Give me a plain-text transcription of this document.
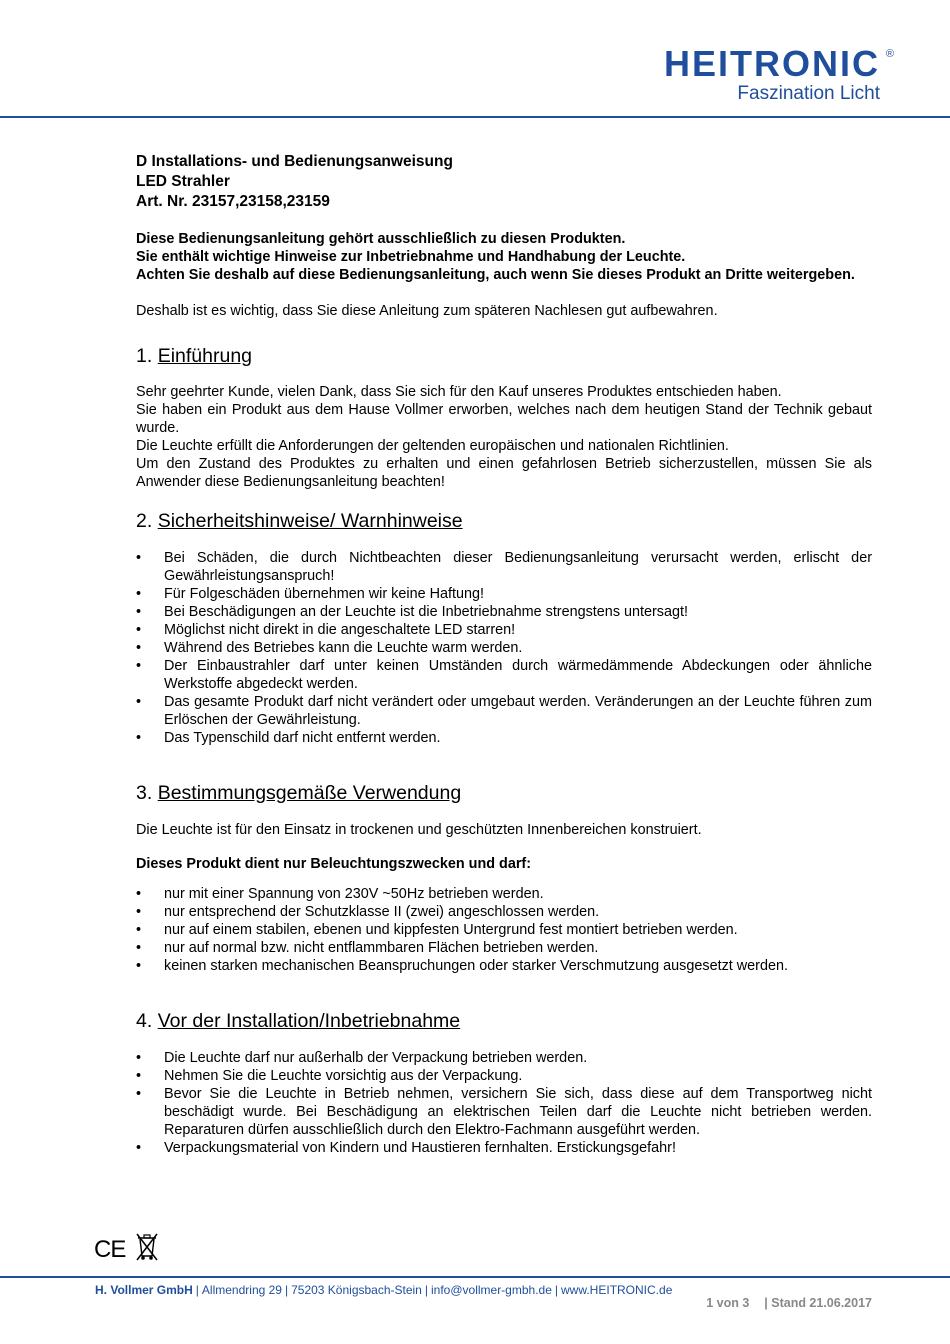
HEITRONIC ®
Faszination Licht
D Installations- und Bedienungsanweisung
LED Strahler
Art. Nr. 23157,23158,23159

Diese Bedienungsanleitung gehört ausschließlich zu diesen Produkten.

Sie enthält wichtige Hinweise zur Inbetriebnahme und Handhabung der Leuchte.

Achten Sie deshalb auf diese Bedienungsanleitung, auch wenn Sie dieses Produkt an Dritte weitergeben.

Deshalb ist es wichtig, dass Sie diese Anleitung zum späteren Nachlesen gut aufbewahren.

1. Einführung

Sehr geehrter Kunde, vielen Dank, dass Sie sich für den Kauf unseres Produktes entschieden haben.

Sie haben ein Produkt aus dem Hause Vollmer erworben, welches nach dem heutigen Stand der Technik gebaut wurde.

Die Leuchte erfüllt die Anforderungen der geltenden europäischen und nationalen Richtlinien.

Um den Zustand des Produktes zu erhalten und einen gefahrlosen Betrieb sicherzustellen, müssen Sie als Anwender diese Bedienungsanleitung beachten!

2. Sicherheitshinweise/ Warnhinweise
• Bei Schäden, die durch Nichtbeachten dieser Bedienungsanleitung verursacht werden, erlischt der Gewährleistungsanspruch!
• Für Folgeschäden übernehmen wir keine Haftung!
• Bei Beschädigungen an der Leuchte ist die Inbetriebnahme strengstens untersagt!
• Möglichst nicht direkt in die angeschaltete LED starren!
• Während des Betriebes kann die Leuchte warm werden.
• Der Einbaustrahler darf unter keinen Umständen durch wärmedämmende Abdeckungen oder ähnliche Werkstoffe abgedeckt werden.
• Das gesamte Produkt darf nicht verändert oder umgebaut werden. Veränderungen an der Leuchte führen zum Erlöschen der Gewährleistung.
• Das Typenschild darf nicht entfernt werden.
3. Bestimmungsgemäße Verwendung

Die Leuchte ist für den Einsatz in trockenen und geschützten Innenbereichen konstruiert.

Dieses Produkt dient nur Beleuchtungszwecken und darf:

• nur mit einer Spannung von 230V ~50Hz betrieben werden.
• nur entsprechend der Schutzklasse II (zwei) angeschlossen werden.
• nur auf einem stabilen, ebenen und kippfesten Untergrund fest montiert betrieben werden.
• nur auf normal bzw. nicht entflammbaren Flächen betrieben werden.
• keinen starken mechanischen Beanspruchungen oder starker Verschmutzung ausgesetzt werden.
4. Vor der Installation/Inbetriebnahme
• Die Leuchte darf nur außerhalb der Verpackung betrieben werden.
• Nehmen Sie die Leuchte vorsichtig aus der Verpackung.
• Bevor Sie die Leuchte in Betrieb nehmen, versichern Sie sich, dass diese auf dem Transportweg nicht beschädigt wurde. Bei Beschädigung an elektrischen Teilen darf die Leuchte nicht betrieben werden. Reparaturen dürfen ausschließlich durch den Elektro-Fachmann ausgeführt werden.
• Verpackungsmaterial von Kindern und Haustieren fernhalten. Erstickungsgefahr!
CE
H. Vollmer GmbH | Allmendring 29 | 75203 Königsbach-Stein | info@vollmer-gmbh.de | www.HEITRONIC.de
1 von 3 | Stand 21.06.2017
